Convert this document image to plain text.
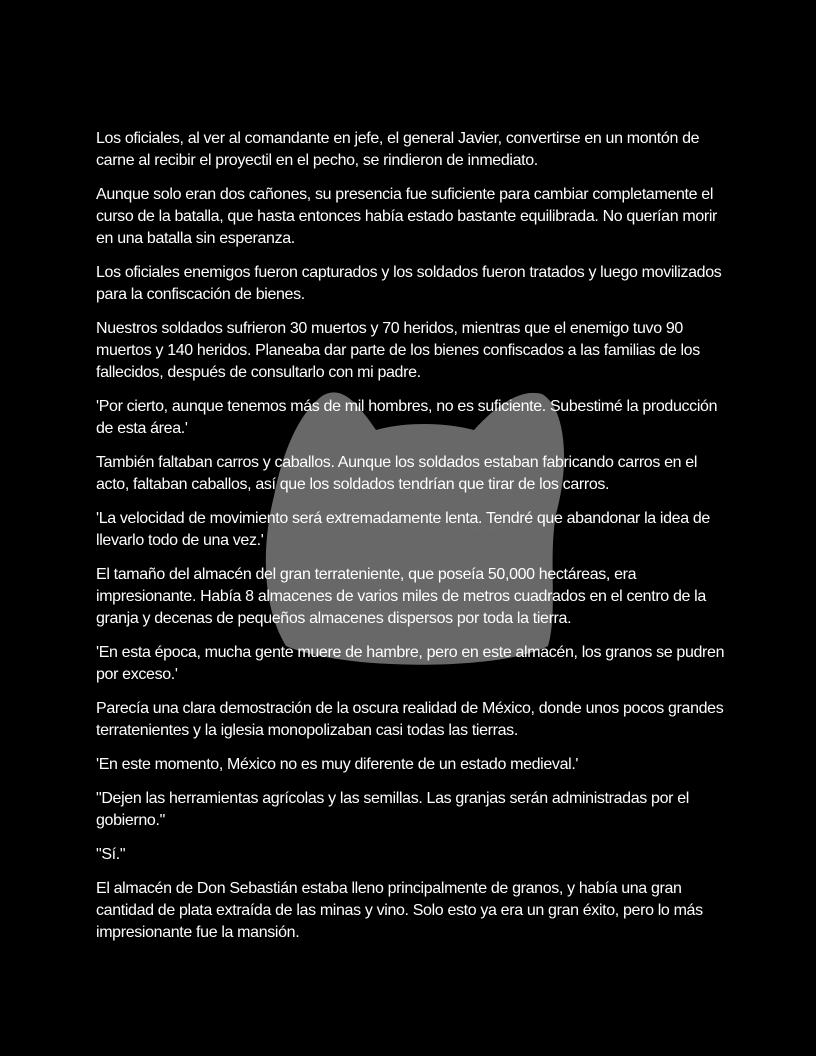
Los oficiales, al ver al comandante en jefe, el general Javier, convertirse en un montón de carne al recibir el proyectil en el pecho, se rindieron de inmediato.

Aunque solo eran dos cañones, su presencia fue suficiente para cambiar completamente el curso de la batalla, que hasta entonces había estado bastante equilibrada. No querían morir en una batalla sin esperanza.

Los oficiales enemigos fueron capturados y los soldados fueron tratados y luego movilizados para la confiscación de bienes.

Nuestros soldados sufrieron 30 muertos y 70 heridos, mientras que el enemigo tuvo 90 muertos y 140 heridos. Planeaba dar parte de los bienes confiscados a las familias de los fallecidos, después de consultarlo con mi padre.

'Por cierto, aunque tenemos más de mil hombres, no es suficiente. Subestimé la producción de esta área.'

También faltaban carros y caballos. Aunque los soldados estaban fabricando carros en el acto, faltaban caballos, así que los soldados tendrían que tirar de los carros.

'La velocidad de movimiento será extremadamente lenta. Tendré que abandonar la idea de llevarlo todo de una vez.'

El tamaño del almacén del gran terrateniente, que poseía 50,000 hectáreas, era impresionante. Había 8 almacenes de varios miles de metros cuadrados en el centro de la granja y decenas de pequeños almacenes dispersos por toda la tierra.

'En esta época, mucha gente muere de hambre, pero en este almacén, los granos se pudren por exceso.'

Parecía una clara demostración de la oscura realidad de México, donde unos pocos grandes terratenientes y la iglesia monopolizaban casi todas las tierras.

'En este momento, México no es muy diferente de un estado medieval.'

"Dejen las herramientas agrícolas y las semillas. Las granjas serán administradas por el gobierno."

"Sí."

El almacén de Don Sebastián estaba lleno principalmente de granos, y había una gran cantidad de plata extraída de las minas y vino. Solo esto ya era un gran éxito, pero lo más impresionante fue la mansión.
